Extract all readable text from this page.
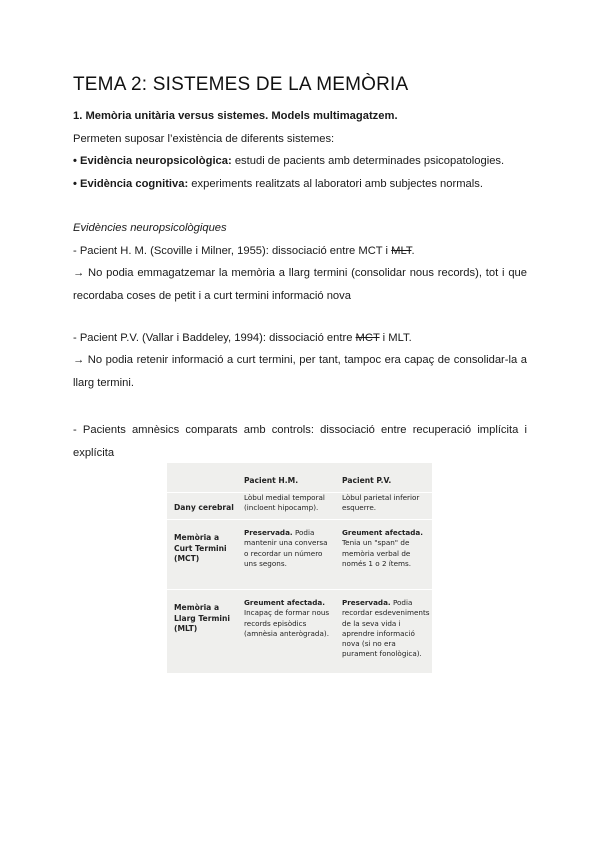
TEMA 2: SISTEMES DE LA MEMÒRIA
1. Memòria unitària versus sistemes. Models multimagatzem.
Permeten suposar l’existència de diferents sistemes:
• Evidència neuropsicològica: estudi de pacients amb determinades psicopatologies.
• Evidència cognitiva: experiments realitzats al laboratori amb subjectes normals.
Evidències neuropsicològiques
- Pacient H. M. (Scoville i Milner, 1955): dissociació entre MCT i MLT.
→ No podia emmagatzemar la memòria a llarg termini (consolidar nous records), tot i que
recordaba coses de petit i a curt termini informació nova
- Pacient P.V. (Vallar i Baddeley, 1994): dissociació entre MCT i MLT.
→ No podia retenir informació a curt termini, per tant, tampoc era capaç de consolidar-la a
llarg termini.
- Pacients amnèsics comparats amb controls: dissociació entre recuperació implícita i
explícita
Pacient H.M.	Pacient P.V.
Dany cerebral
Lòbul medial temporal
(incloent hipocamp).
Lòbul parietal inferior
esquerre.
Memòria a
Curt Termini
(MCT)
Preservada. Podia
mantenir una conversa
o recordar un número
uns segons.
Greument afectada.
Tenia un "span" de
memòria verbal de
només 1 o 2 ítems.
Memòria a
Llarg Termini
(MLT)
Greument afectada.
Incapaç de formar nous
records episòdics
(amnèsia anterògrada).
Preservada. Podia
recordar esdeveniments
de la seva vida i
aprendre informació
nova (si no era
purament fonològica).
